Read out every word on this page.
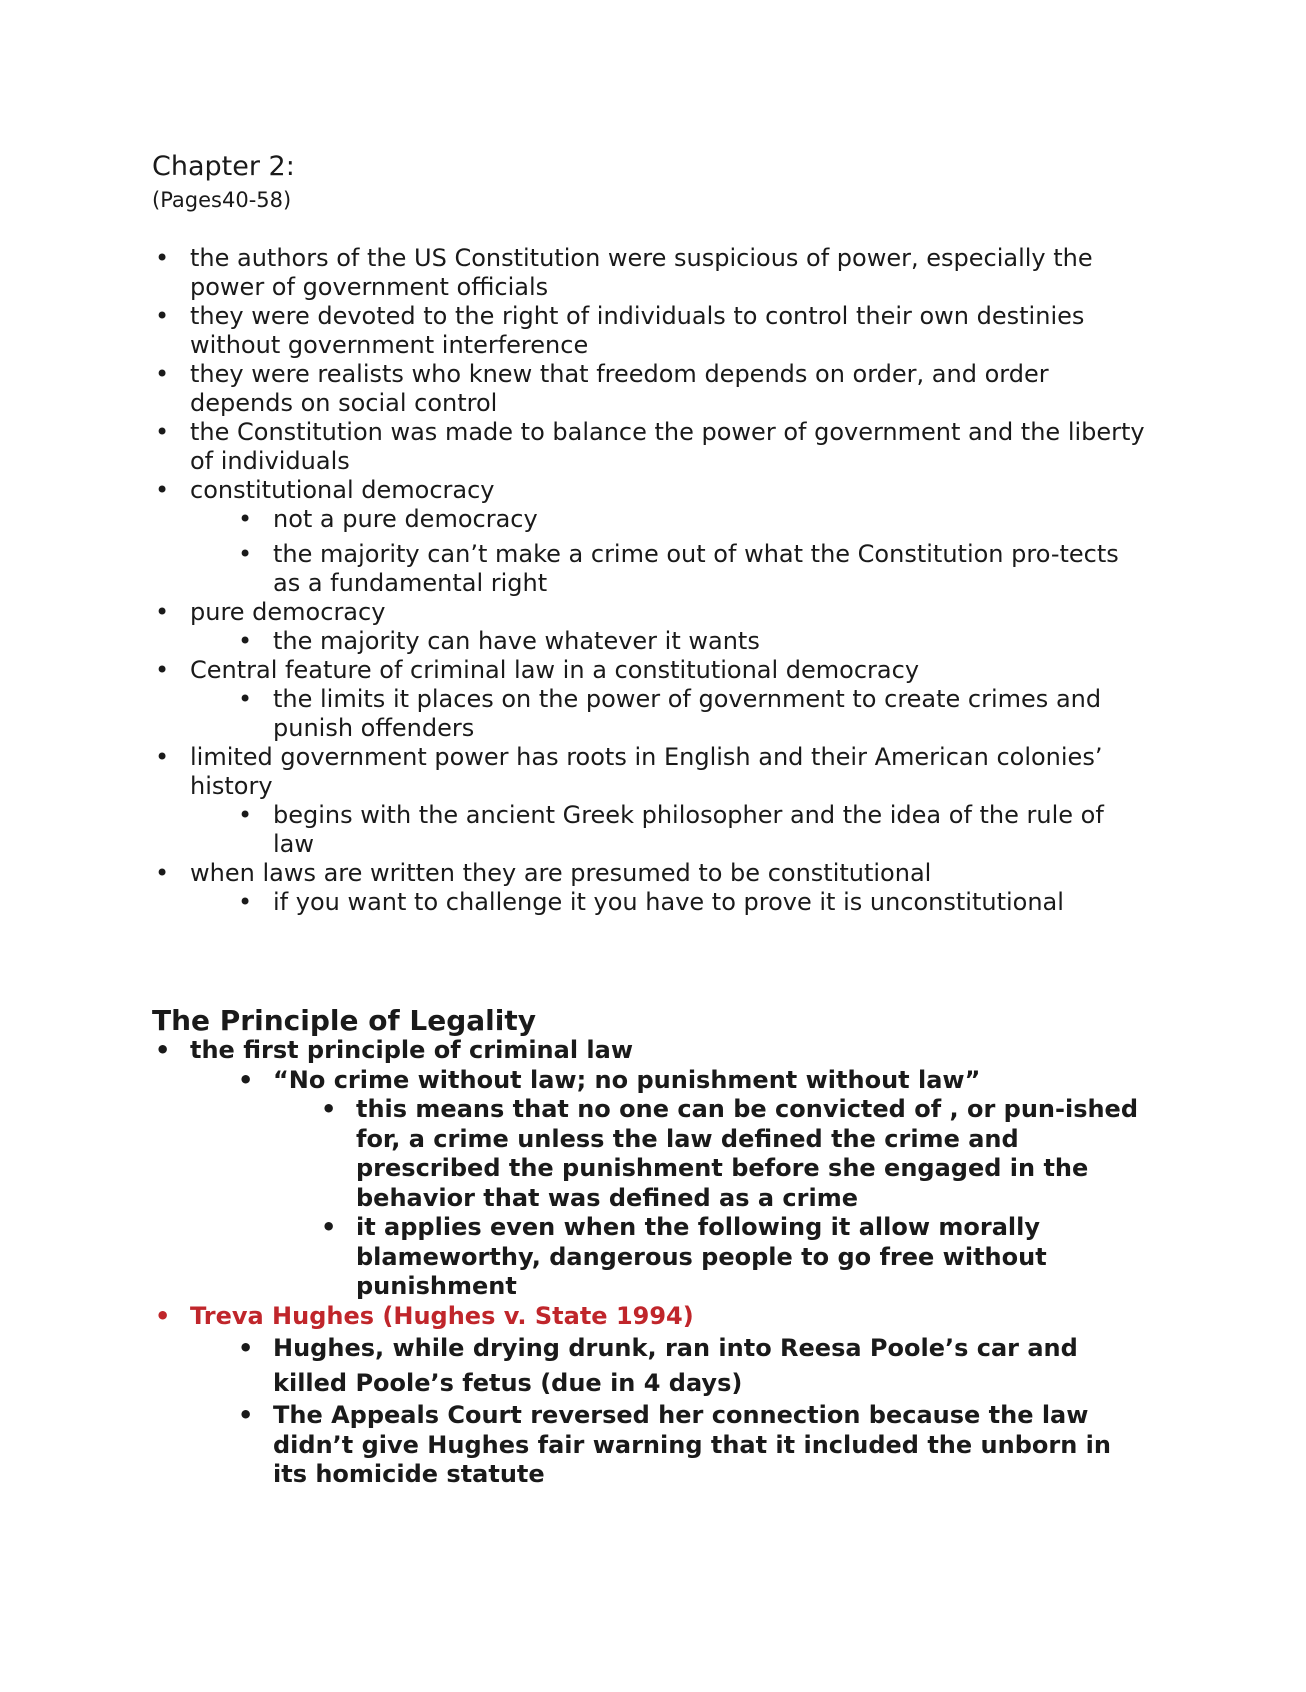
Chapter 2:
(Pages40-58)
• the authors of the US Constitution were suspicious of power, especially the power of government officials
• they were devoted to the right of individuals to control their own destinies without government interference
• they were realists who knew that freedom depends on order, and order depends on social control
• the Constitution was made to balance the power of government and the liberty of individuals
• constitutional democracy
• not a pure democracy
• the majority can’t make a crime out of what the Constitution pro-tects as a fundamental right
• pure democracy
• the majority can have whatever it wants
• Central feature of criminal law in a constitutional democracy
• the limits it places on the power of government to create crimes and punish offenders
• limited government power has roots in English and their American colonies’ history
• begins with the ancient Greek philosopher and the idea of the rule of law
• when laws are written they are presumed to be constitutional
• if you want to challenge it you have to prove it is unconstitutional
The Principle of Legality
• the first principle of criminal law
• “No crime without law; no punishment without law”
• this means that no one can be convicted of , or pun-ished for, a crime unless the law defined the crime and prescribed the punishment before she engaged in the behavior that was defined as a crime
• it applies even when the following it allow morally blameworthy, dangerous people to go free without punishment
• Treva Hughes (Hughes v. State 1994)
• Hughes, while drying drunk, ran into Reesa Poole’s car and killed Poole’s fetus (due in 4 days)
• The Appeals Court reversed her connection because the law didn’t give Hughes fair warning that it included the unborn in its homicide statute
